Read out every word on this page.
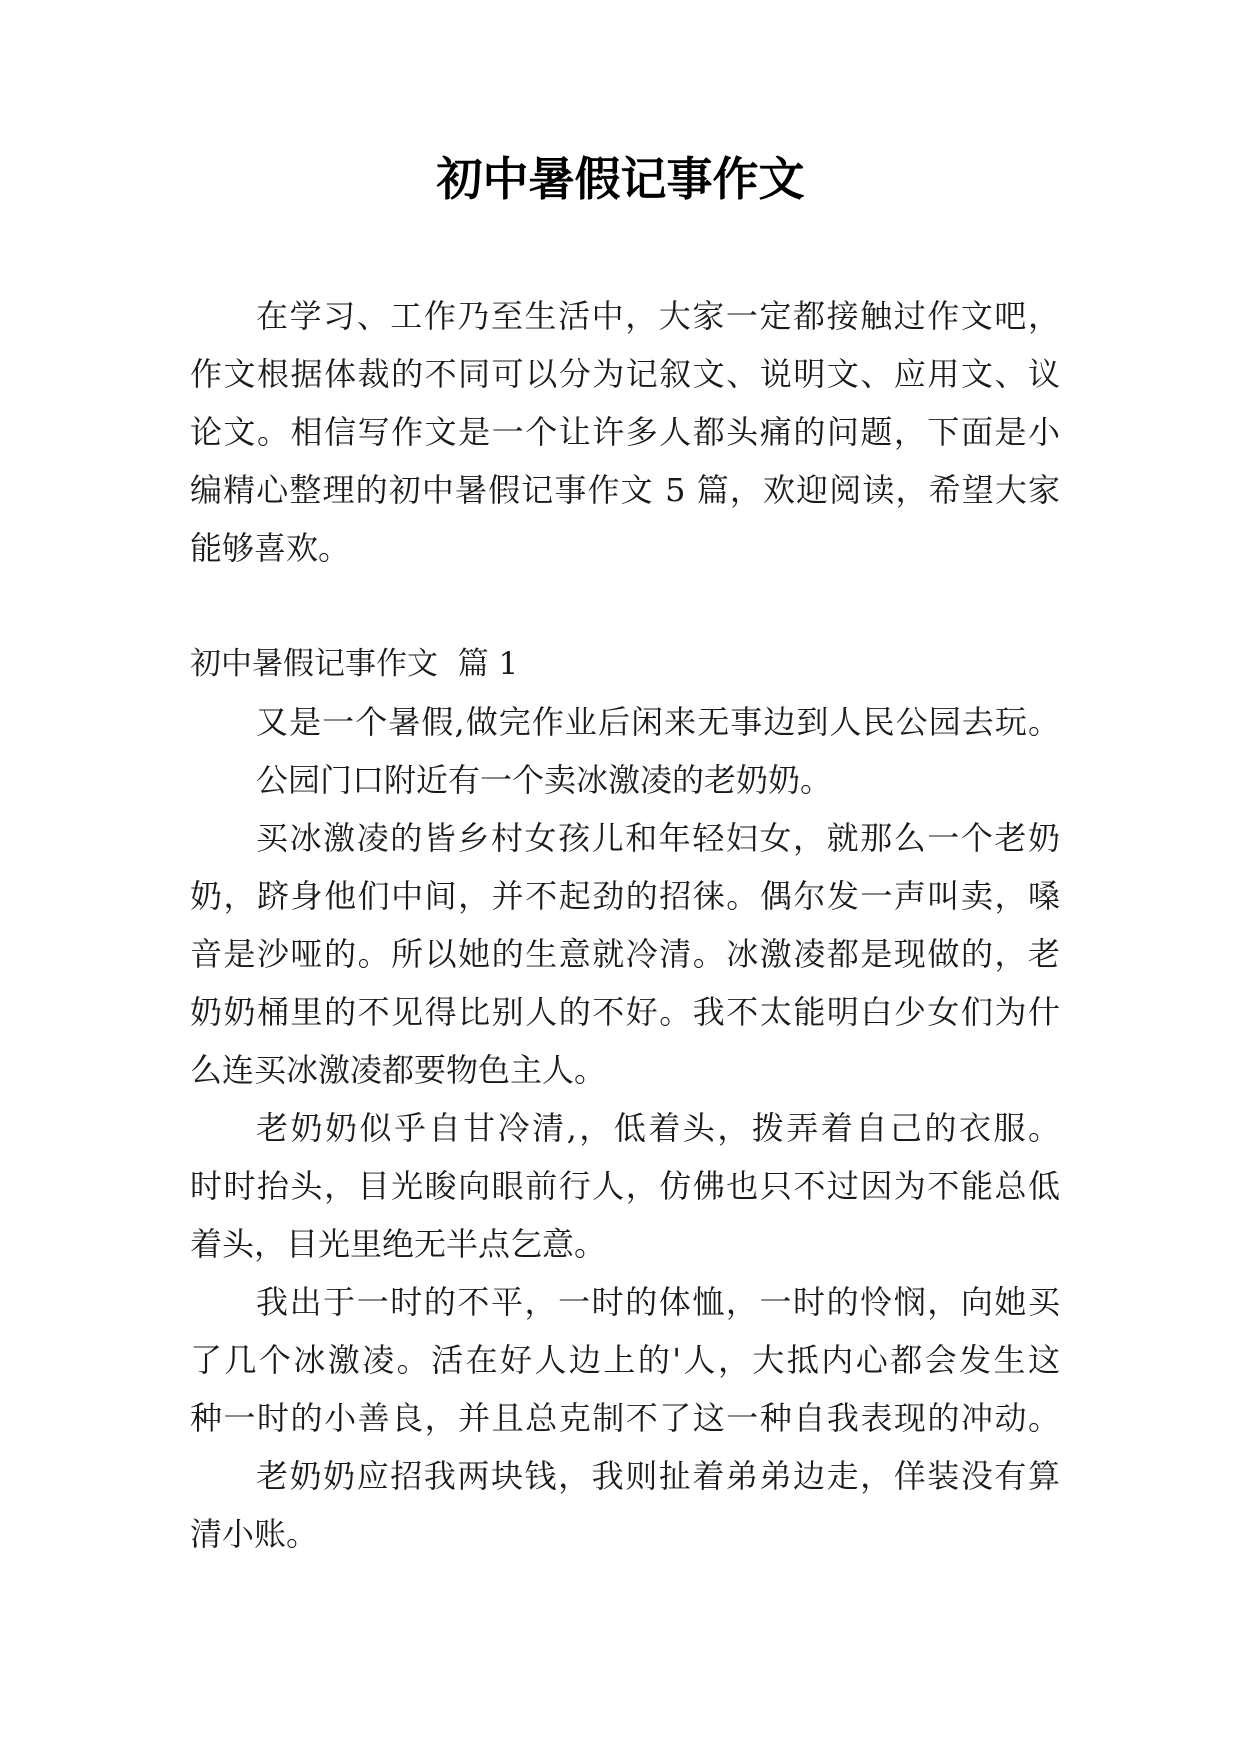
初中暑假记事作文
在学习、工作乃至生活中，大家一定都接触过作文吧，
作文根据体裁的不同可以分为记叙文、说明文、应用文、议
论文。相信写作文是一个让许多人都头痛的问题，下面是小
编精心整理的初中暑假记事作文 5 篇，欢迎阅读，希望大家
能够喜欢。
初中暑假记事作文  篇 1
又是一个暑假,做完作业后闲来无事边到人民公园去玩。
公园门口附近有一个卖冰激凌的老奶奶。
买冰激凌的皆乡村女孩儿和年轻妇女，就那么一个老奶
奶，跻身他们中间，并不起劲的招徕。偶尔发一声叫卖，嗓
音是沙哑的。所以她的生意就冷清。冰激凌都是现做的，老
奶奶桶里的不见得比别人的不好。我不太能明白少女们为什
么连买冰激凌都要物色主人。
老奶奶似乎自甘冷清,，低着头，拨弄着自己的衣服。
时时抬头，目光睃向眼前行人，仿佛也只不过因为不能总低
着头，目光里绝无半点乞意。
我出于一时的不平，一时的体恤，一时的怜悯，向她买
了几个冰激凌。活在好人边上的'人，大抵内心都会发生这
种一时的小善良，并且总克制不了这一种自我表现的冲动。
老奶奶应招我两块钱，我则扯着弟弟边走，佯装没有算
清小账。
